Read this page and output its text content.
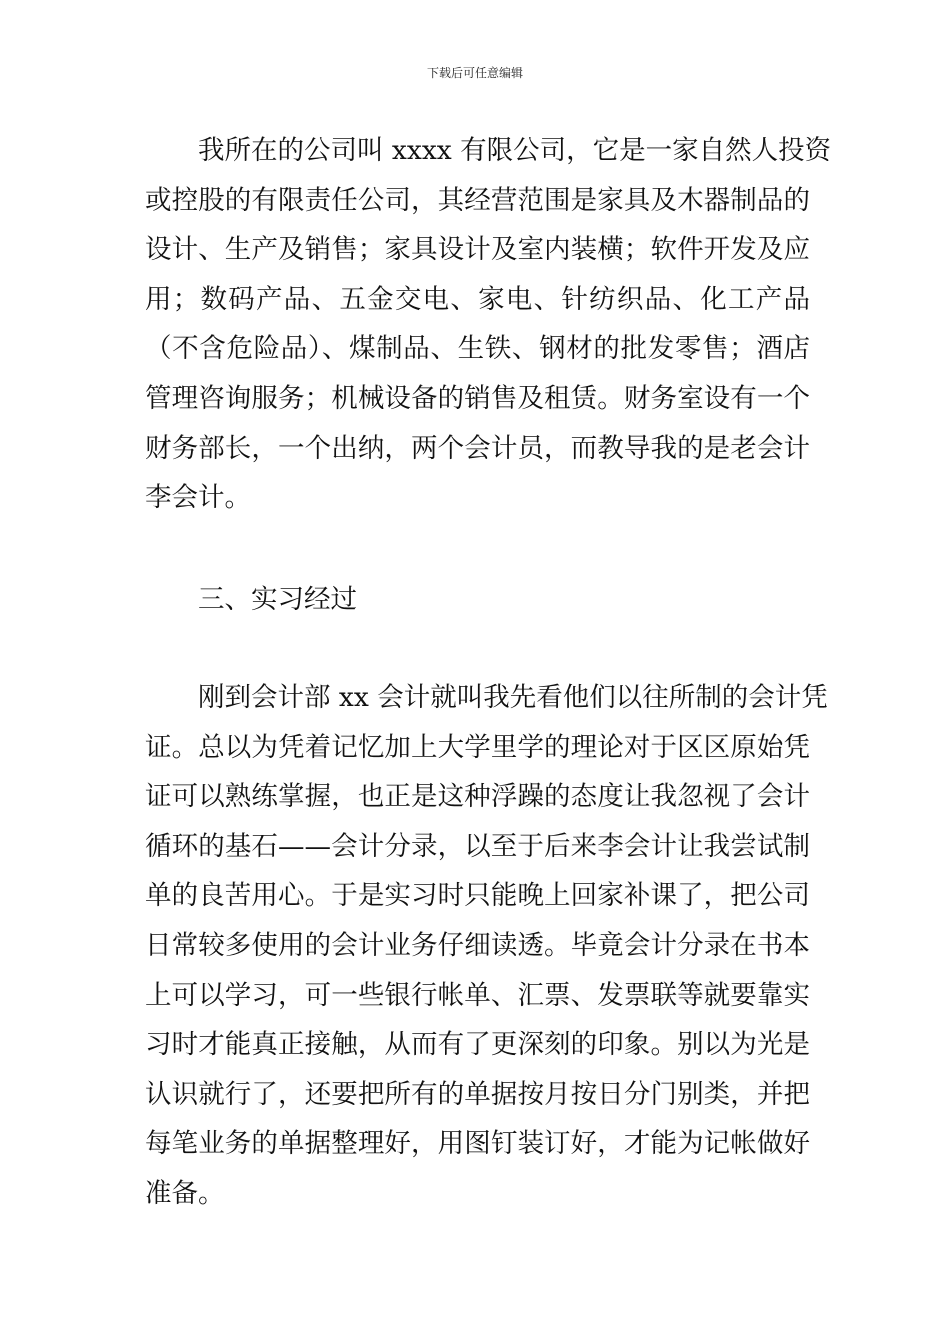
下载后可任意编辑
我所在的公司叫 xxxx 有限公司，它是一家自然人投资
或控股的有限责任公司，其经营范围是家具及木器制品的
设计、生产及销售；家具设计及室内装横；软件开发及应
用；数码产品、五金交电、家电、针纺织品、化工产品
（不含危险品）、煤制品、生铁、钢材的批发零售；酒店
管理咨询服务；机械设备的销售及租赁。财务室设有一个
财务部长，一个出纳，两个会计员，而教导我的是老会计
李会计。
三、实习经过
刚到会计部 xx 会计就叫我先看他们以往所制的会计凭
证。总以为凭着记忆加上大学里学的理论对于区区原始凭
证可以熟练掌握，也正是这种浮躁的态度让我忽视了会计
循环的基石——会计分录，以至于后来李会计让我尝试制
单的良苦用心。于是实习时只能晚上回家补课了，把公司
日常较多使用的会计业务仔细读透。毕竟会计分录在书本
上可以学习，可一些银行帐单、汇票、发票联等就要靠实
习时才能真正接触，从而有了更深刻的印象。别以为光是
认识就行了，还要把所有的单据按月按日分门别类，并把
每笔业务的单据整理好，用图钉装订好，才能为记帐做好
准备。
